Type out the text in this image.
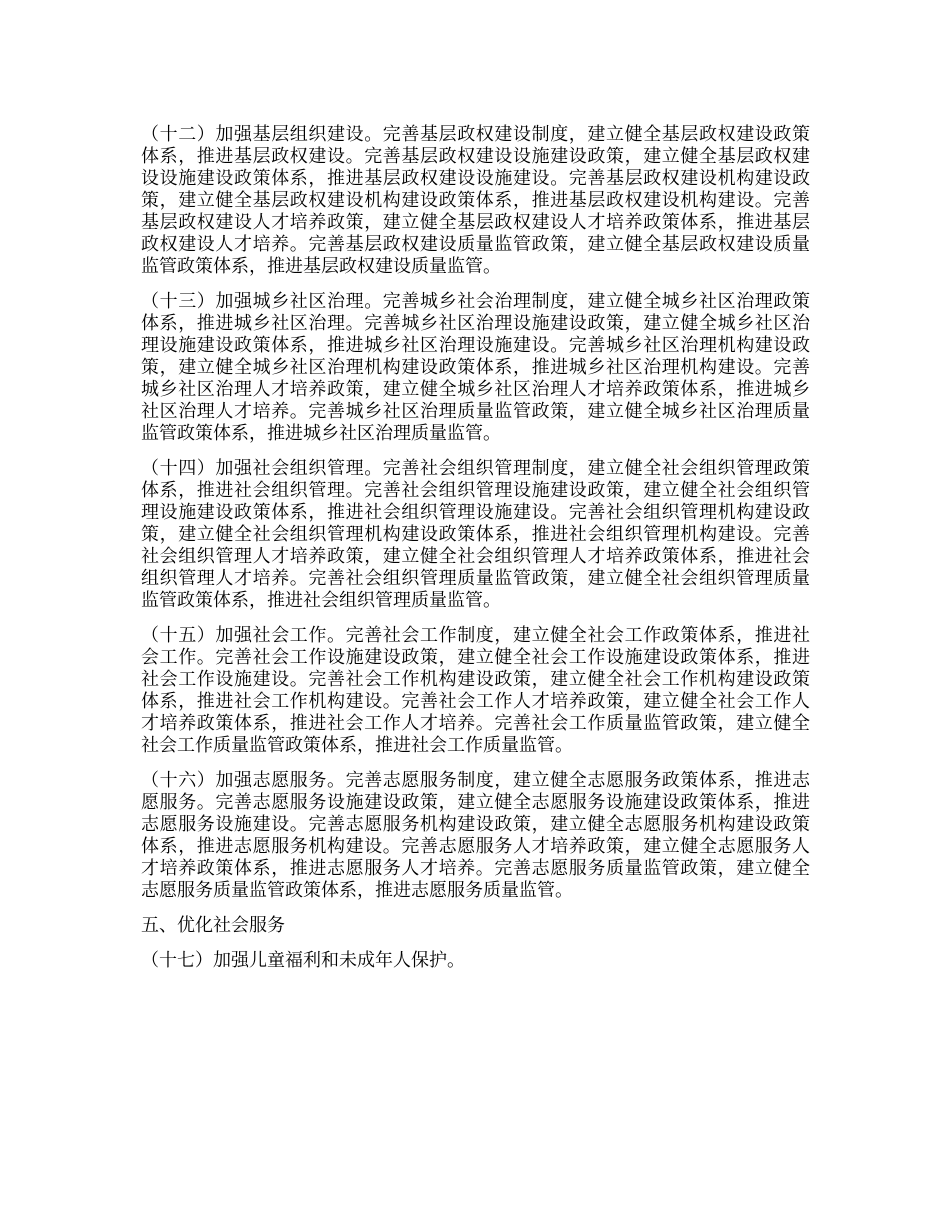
（十二）加强基层组织建设。完善基层政权建设制度，建立健全基层政权建设政策
体系，推进基层政权建设。完善基层政权建设设施建设政策，建立健全基层政权建
设设施建设政策体系，推进基层政权建设设施建设。完善基层政权建设机构建设政
策，建立健全基层政权建设机构建设政策体系，推进基层政权建设机构建设。完善
基层政权建设人才培养政策，建立健全基层政权建设人才培养政策体系，推进基层
政权建设人才培养。完善基层政权建设质量监管政策，建立健全基层政权建设质量
监管政策体系，推进基层政权建设质量监管。
（十三）加强城乡社区治理。完善城乡社会治理制度，建立健全城乡社区治理政策
体系，推进城乡社区治理。完善城乡社区治理设施建设政策，建立健全城乡社区治
理设施建设政策体系，推进城乡社区治理设施建设。完善城乡社区治理机构建设政
策，建立健全城乡社区治理机构建设政策体系，推进城乡社区治理机构建设。完善
城乡社区治理人才培养政策，建立健全城乡社区治理人才培养政策体系，推进城乡
社区治理人才培养。完善城乡社区治理质量监管政策，建立健全城乡社区治理质量
监管政策体系，推进城乡社区治理质量监管。
（十四）加强社会组织管理。完善社会组织管理制度，建立健全社会组织管理政策
体系，推进社会组织管理。完善社会组织管理设施建设政策，建立健全社会组织管
理设施建设政策体系，推进社会组织管理设施建设。完善社会组织管理机构建设政
策，建立健全社会组织管理机构建设政策体系，推进社会组织管理机构建设。完善
社会组织管理人才培养政策，建立健全社会组织管理人才培养政策体系，推进社会
组织管理人才培养。完善社会组织管理质量监管政策，建立健全社会组织管理质量
监管政策体系，推进社会组织管理质量监管。
（十五）加强社会工作。完善社会工作制度，建立健全社会工作政策体系，推进社
会工作。完善社会工作设施建设政策，建立健全社会工作设施建设政策体系，推进
社会工作设施建设。完善社会工作机构建设政策，建立健全社会工作机构建设政策
体系，推进社会工作机构建设。完善社会工作人才培养政策，建立健全社会工作人
才培养政策体系，推进社会工作人才培养。完善社会工作质量监管政策，建立健全
社会工作质量监管政策体系，推进社会工作质量监管。
（十六）加强志愿服务。完善志愿服务制度，建立健全志愿服务政策体系，推进志
愿服务。完善志愿服务设施建设政策，建立健全志愿服务设施建设政策体系，推进
志愿服务设施建设。完善志愿服务机构建设政策，建立健全志愿服务机构建设政策
体系，推进志愿服务机构建设。完善志愿服务人才培养政策，建立健全志愿服务人
才培养政策体系，推进志愿服务人才培养。完善志愿服务质量监管政策，建立健全
志愿服务质量监管政策体系，推进志愿服务质量监管。
五、优化社会服务
（十七）加强儿童福利和未成年人保护。
